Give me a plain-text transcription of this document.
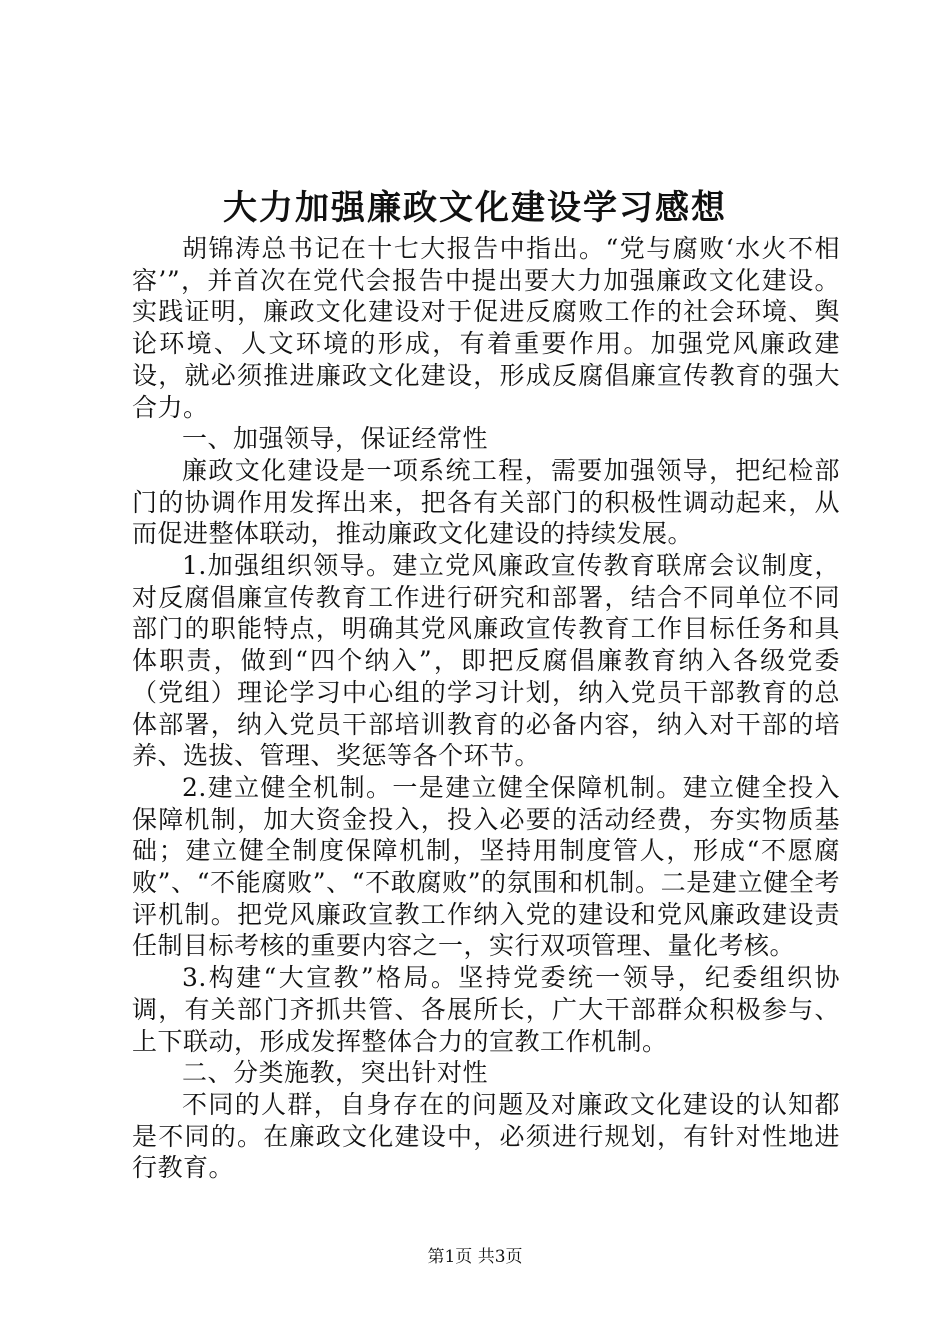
大力加强廉政文化建设学习感想

胡锦涛总书记在十七大报告中指出。“党与腐败‘水火不相容’”，并首次在党代会报告中提出要大力加强廉政文化建设。实践证明，廉政文化建设对于促进反腐败工作的社会环境、舆论环境、人文环境的形成，有着重要作用。加强党风廉政建设，就必须推进廉政文化建设，形成反腐倡廉宣传教育的强大合力。

一、加强领导，保证经常性

廉政文化建设是一项系统工程，需要加强领导，把纪检部门的协调作用发挥出来，把各有关部门的积极性调动起来，从而促进整体联动，推动廉政文化建设的持续发展。

1.加强组织领导。建立党风廉政宣传教育联席会议制度，对反腐倡廉宣传教育工作进行研究和部署，结合不同单位不同部门的职能特点，明确其党风廉政宣传教育工作目标任务和具体职责，做到“四个纳入”，即把反腐倡廉教育纳入各级党委（党组）理论学习中心组的学习计划，纳入党员干部教育的总体部署，纳入党员干部培训教育的必备内容，纳入对干部的培养、选拔、管理、奖惩等各个环节。

2.建立健全机制。一是建立健全保障机制。建立健全投入保障机制，加大资金投入，投入必要的活动经费，夯实物质基础；建立健全制度保障机制，坚持用制度管人，形成“不愿腐败”、“不能腐败”、“不敢腐败”的氛围和机制。二是建立健全考评机制。把党风廉政宣教工作纳入党的建设和党风廉政建设责任制目标考核的重要内容之一，实行双项管理、量化考核。

3.构建“大宣教”格局。坚持党委统一领导，纪委组织协调，有关部门齐抓共管、各展所长，广大干部群众积极参与、上下联动，形成发挥整体合力的宣教工作机制。

二、分类施教，突出针对性

不同的人群，自身存在的问题及对廉政文化建设的认知都是不同的。在廉政文化建设中，必须进行规划，有针对性地进行教育。

第1页 共3页
